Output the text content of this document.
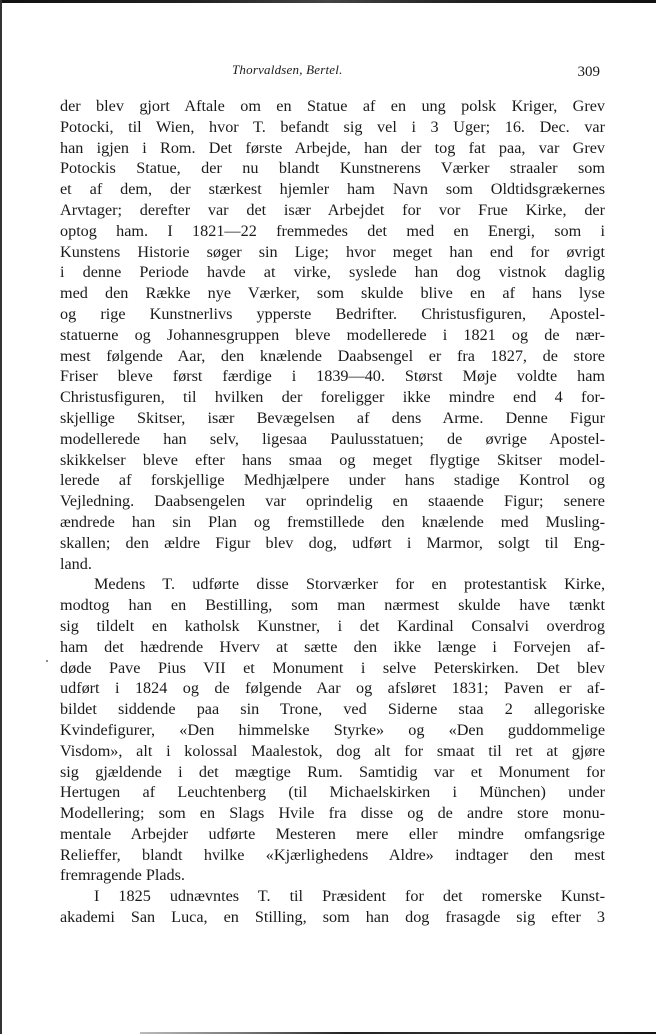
Thorvaldsen, Bertel.	309
der blev gjort Aftale om en Statue af en ung polsk Kriger, Grev
Potocki, til Wien, hvor T. befandt sig vel i 3 Uger; 16. Dec. var
han igjen i Rom. Det første Arbejde, han der tog fat paa, var Grev
Potockis Statue, der nu blandt Kunstnerens Værker straaler som
et af dem, der stærkest hjemler ham Navn som Oldtidsgrækernes
Arvtager; derefter var det især Arbejdet for vor Frue Kirke, der
optog ham. I 1821—22 fremmedes det med en Energi, som i
Kunstens Historie søger sin Lige; hvor meget han end for øvrigt
i denne Periode havde at virke, syslede han dog vistnok daglig
med den Række nye Værker, som skulde blive en af hans lyse
og rige Kunstnerlivs ypperste Bedrifter. Christusfiguren, Apostel-
statuerne og Johannesgruppen bleve modellerede i 1821 og de nær-
mest følgende Aar, den knælende Daabsengel er fra 1827, de store
Friser bleve først færdige i 1839—40. Størst Møje voldte ham
Christusfiguren, til hvilken der foreligger ikke mindre end 4 for-
skjellige Skitser, især Bevægelsen af dens Arme. Denne Figur
modellerede han selv, ligesaa Paulusstatuen; de øvrige Apostel-
skikkelser bleve efter hans smaa og meget flygtige Skitser model-
lerede af forskjellige Medhjælpere under hans stadige Kontrol og
Vejledning. Daabsengelen var oprindelig en staaende Figur; senere
ændrede han sin Plan og fremstillede den knælende med Musling-
skallen; den ældre Figur blev dog, udført i Marmor, solgt til Eng-
land.
Medens T. udførte disse Storværker for en protestantisk Kirke,
modtog han en Bestilling, som man nærmest skulde have tænkt
sig tildelt en katholsk Kunstner, i det Kardinal Consalvi overdrog
ham det hædrende Hverv at sætte den ikke længe i Forvejen af-
døde Pave Pius VII et Monument i selve Peterskirken. Det blev
udført i 1824 og de følgende Aar og afsløret 1831; Paven er af-
bildet siddende paa sin Trone, ved Siderne staa 2 allegoriske
Kvindefigurer, «Den himmelske Styrke» og «Den guddommelige
Visdom», alt i kolossal Maalestok, dog alt for smaat til ret at gjøre
sig gjældende i det mægtige Rum. Samtidig var et Monument for
Hertugen af Leuchtenberg (til Michaelskirken i München) under
Modellering; som en Slags Hvile fra disse og de andre store monu-
mentale Arbejder udførte Mesteren mere eller mindre omfangsrige
Relieffer, blandt hvilke «Kjærlighedens Aldre» indtager den mest
fremragende Plads.
I 1825 udnævntes T. til Præsident for det romerske Kunst-
akademi San Luca, en Stilling, som han dog frasagde sig efter 3
